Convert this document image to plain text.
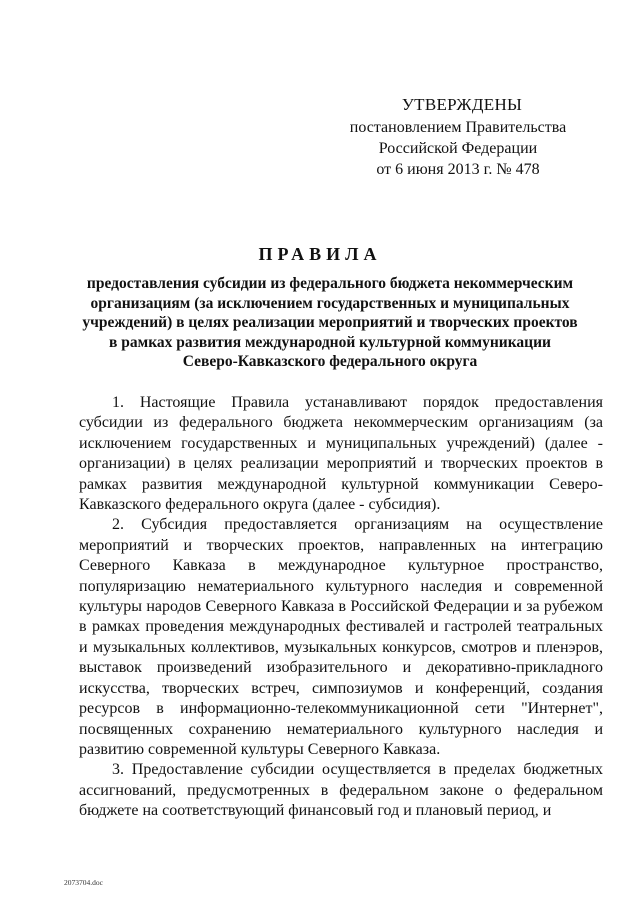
УТВЕРЖДЕНЫ
постановлением Правительства
Российской Федерации
от 6 июня 2013 г. № 478
ПРАВИЛА
предоставления субсидии из федерального бюджета некоммерческим
организациям (за исключением государственных и муниципальных
учреждений) в целях реализации мероприятий и творческих проектов
в рамках развития международной культурной коммуникации
Северо-Кавказского федерального округа

1. Настоящие Правила устанавливают порядок предоставления субсидии из федерального бюджета некоммерческим организациям (за исключением государственных и муниципальных учреждений) (далее - организации) в целях реализации мероприятий и творческих проектов в рамках развития международной культурной коммуникации Северо-Кавказского федерального округа (далее - субсидия).

2. Субсидия предоставляется организациям на осуществление мероприятий и творческих проектов, направленных на интеграцию Северного Кавказа в международное культурное пространство, популяризацию нематериального культурного наследия и современной культуры народов Северного Кавказа в Российской Федерации и за рубежом в рамках проведения международных фестивалей и гастролей театральных и музыкальных коллективов, музыкальных конкурсов, смотров и пленэров, выставок произведений изобразительного и декоративно-прикладного искусства, творческих встреч, симпозиумов и конференций, создания ресурсов в информационно-телекоммуникационной сети "Интернет", посвященных сохранению нематериального культурного наследия и развитию современной культуры Северного Кавказа.

3. Предоставление субсидии осуществляется в пределах бюджетных ассигнований, предусмотренных в федеральном законе о федеральном бюджете на соответствующий финансовый год и плановый период, и

2073704.doc
